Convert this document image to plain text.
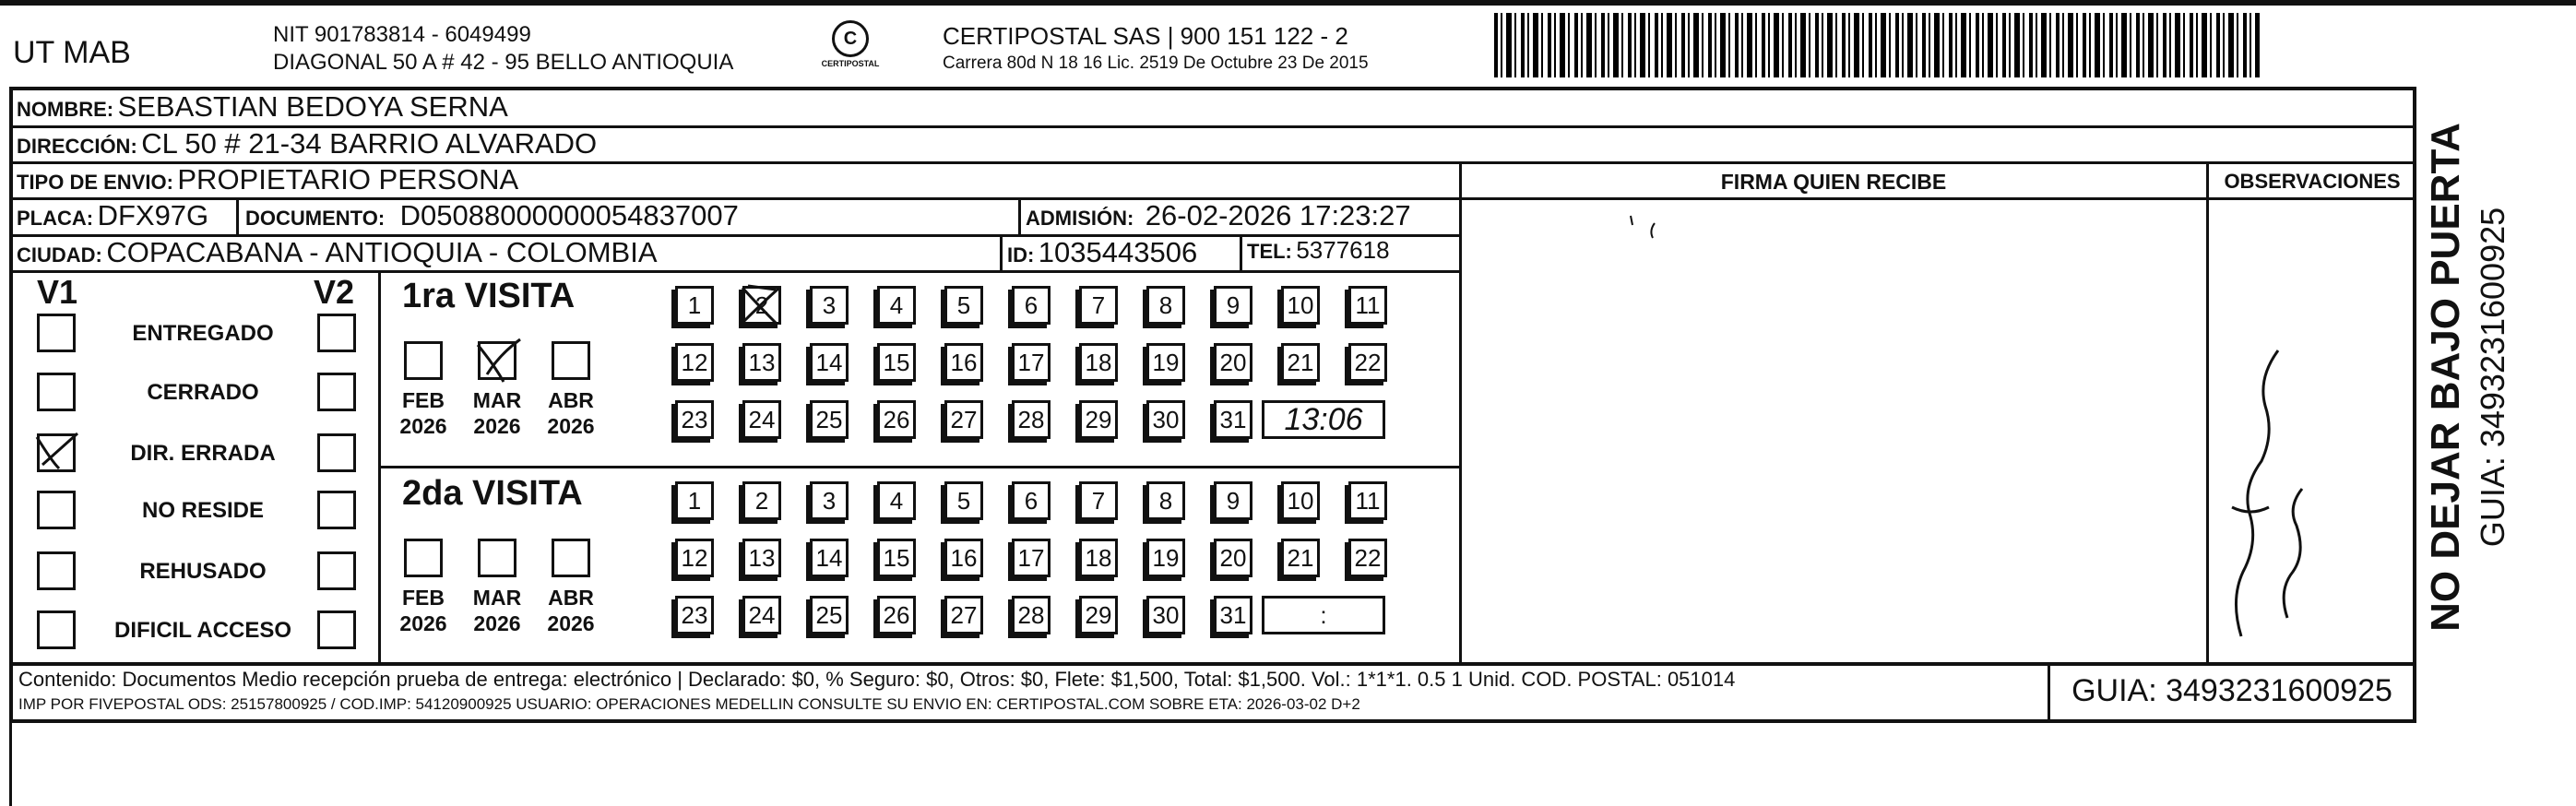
UT MAB
NIT 901783814 - 6049499
DIAGONAL 50 A # 42 - 95 BELLO ANTIOQUIA
C
CERTIPOSTAL
CERTIPOSTAL SAS | 900 151 122 - 2
Carrera 80d N 18 16 Lic. 2519 De Octubre 23 De 2015
NOMBRE: SEBASTIAN BEDOYA SERNA
DIRECCIÓN: CL 50 # 21-34 BARRIO ALVARADO
TIPO DE ENVIO: PROPIETARIO PERSONA
PLACA: DFX97G DOCUMENTO: D05088000000054837007	ADMISIÓN: 26-02-2026 17:23:27
CIUDAD: COPACABANA - ANTIOQUIA - COLOMBIA	ID: 1035443506 TEL: 5377618
FIRMA QUIEN RECIBE	OBSERVACIONES NO DEJAR BAJO PUERTA GUIA: 3493231600925
V1	V2
ENTREGADO
CERRADO
DIR. ERRADA
NO RESIDE
REHUSADO
DIFICIL ACCESO
1ra VISITA
2da VISITA
FEB
2026
MAR
2026
ABR
2026
FEB
2026
MAR
2026
ABR
2026
1	2	3	4	5	6	7	8	9	10 11
12 13 14 15 16 17 18 19 20 21 22
23 24 25 26 27 28 29 30 31	13:06
1	2	3	4	5	6	7	8	9	10 11
12 13 14 15 16 17 18 19 20 21 22
23 24 25 26 27 28 29 30 31	:
Contenido: Documentos Medio recepción prueba de entrega: electrónico | Declarado: $0, % Seguro: $0, Otros: $0, Flete: $1,500, Total: $1,500. Vol.: 1*1*1. 0.5 1 Unid. COD. POSTAL: 051014
IMP POR FIVEPOSTAL ODS: 25157800925 / COD.IMP: 54120900925 USUARIO: OPERACIONES MEDELLIN CONSULTE SU ENVIO EN: CERTIPOSTAL.COM SOBRE ETA: 2026-03-02 D+2	GUIA: 3493231600925
